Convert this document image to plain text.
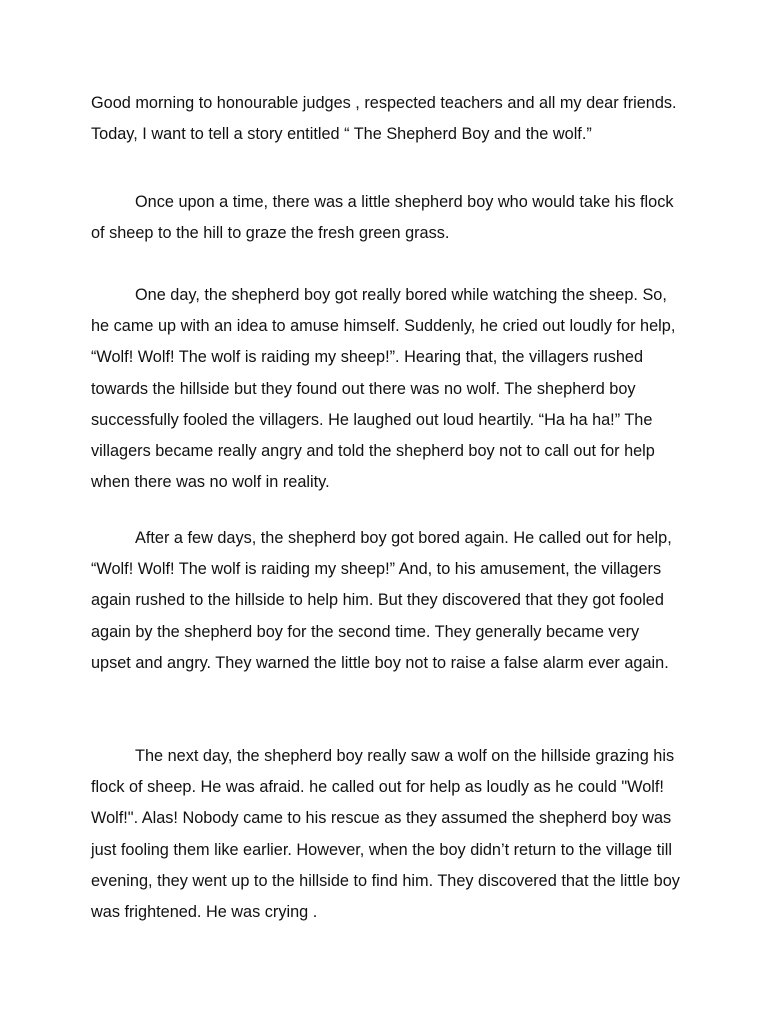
Good morning to honourable judges , respected teachers and all my dear friends. Today, I want to tell a story entitled “ The Shepherd Boy and the wolf.”

Once upon a time, there was a little shepherd boy who would take his flock of sheep to the hill to graze the fresh green grass.

One day, the shepherd boy got really bored while watching the sheep. So, he came up with an idea to amuse himself. Suddenly, he cried out loudly for help, “Wolf! Wolf! The wolf is raiding my sheep!”. Hearing that, the villagers rushed towards the hillside but they found out there was no wolf. The shepherd boy successfully fooled the villagers. He laughed out loud heartily. “Ha ha ha!” The villagers became really angry and told the shepherd boy not to call out for help when there was no wolf in reality.

After a few days, the shepherd boy got bored again. He called out for help, “Wolf! Wolf! The wolf is raiding my sheep!” And, to his amusement, the villagers again rushed to the hillside to help him. But they discovered that they got fooled again by the shepherd boy for the second time. They generally became very upset and angry. They warned the little boy not to raise a false alarm ever again.

The next day, the shepherd boy really saw a wolf on the hillside grazing his flock of sheep. He was afraid. he called out for help as loudly as he could "Wolf! Wolf!". Alas! Nobody came to his rescue as they assumed the shepherd boy was just fooling them like earlier. However, when the boy didn’t return to the village till evening, they went up to the hillside to find him. They discovered that the little boy was frightened. He was crying .
